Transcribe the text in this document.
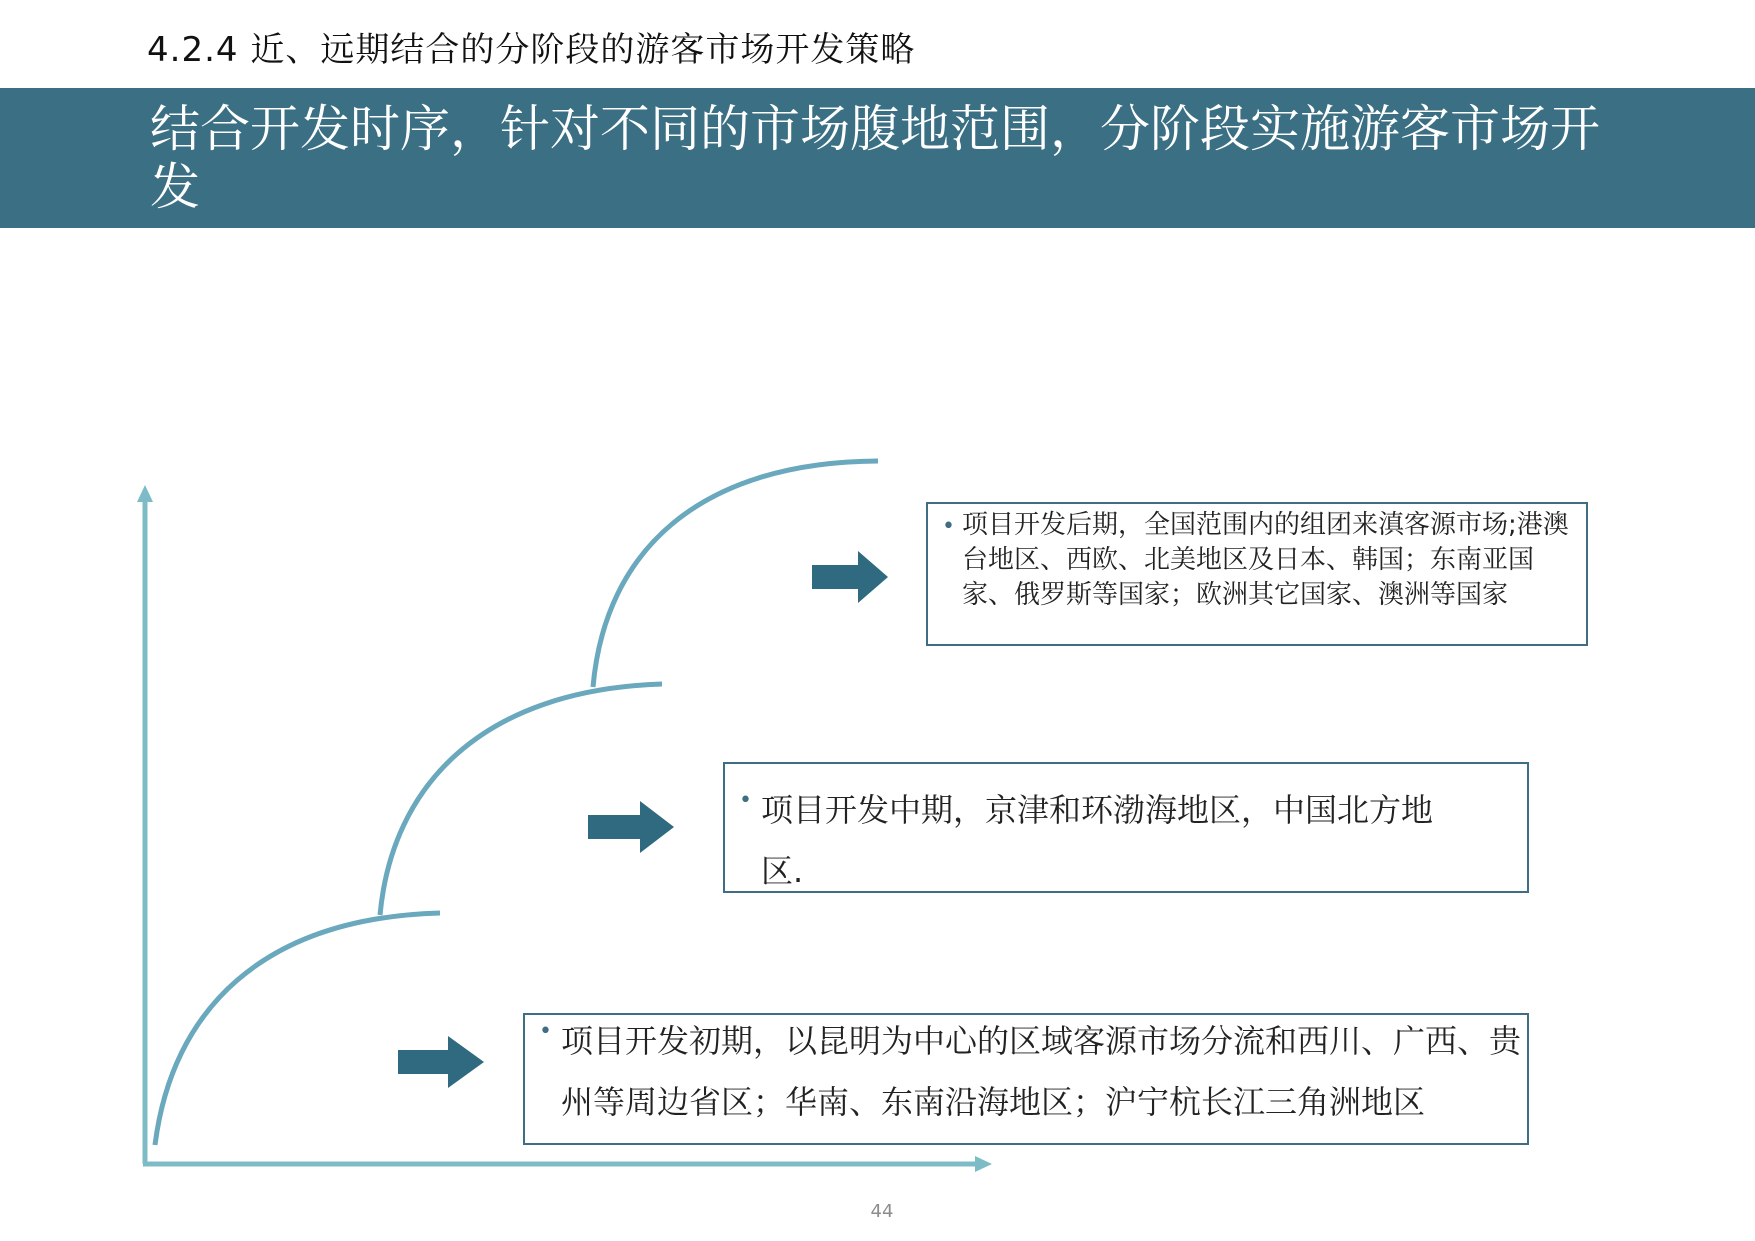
4.2.4 近、远期结合的分阶段的游客市场开发策略
结合开发时序，针对不同的市场腹地范围，分阶段实施游客市场开发
• 项目开发后期，全国范围内的组团来滇客源市场;港澳台地区、西欧、北美地区及日本、韩国；东南亚国家、俄罗斯等国家；欧洲其它国家、澳洲等国家
• 项目开发中期，京津和环渤海地区，中国北方地区.
• 项目开发初期，以昆明为中心的区域客源市场分流和西川、广西、贵州等周边省区；华南、东南沿海地区；沪宁杭长江三角洲地区
44
